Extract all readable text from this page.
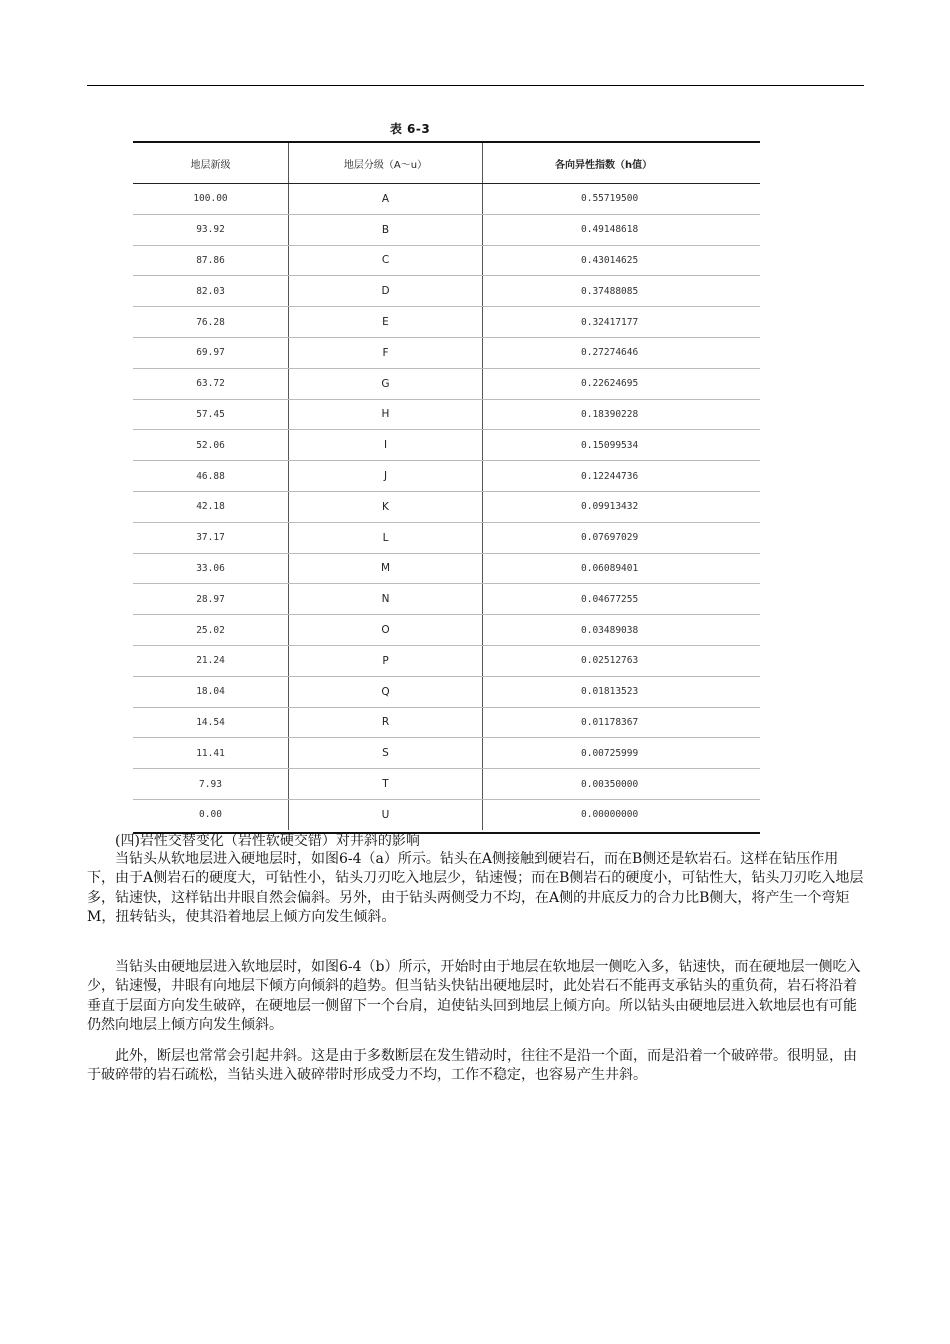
表 6-3
地层新级	地层分级（A～u）	各向异性指数（h值）
100.00	A	0.55719500
93.92	B	0.49148618
87.86	C	0.43014625
82.03	D	0.37488085
76.28	E	0.32417177
69.97	F	0.27274646
63.72	G	0.22624695
57.45	H	0.18390228
52.06	I	0.15099534
46.88	J	0.12244736
42.18	K	0.09913432
37.17	L	0.07697029
33.06	M	0.06089401
28.97	N	0.04677255
25.02	O	0.03489038
21.24	P	0.02512763
18.04	Q	0.01813523
14.54	R	0.01178367
11.41	S	0.00725999
7.93	T	0.00350000
0.00	U	0.00000000
(四)岩性交替变化（岩性软硬交错）对井斜的影响

当钻头从软地层进入硬地层时，如图6-4（a）所示。钻头在A侧接触到硬岩石，而在B侧还是软岩石。这样在钻压作用下，由于A侧岩石的硬度大，可钻性小，钻头刀刃吃入地层少，钻速慢；而在B侧岩石的硬度小，可钻性大，钻头刀刃吃入地层多，钻速快，这样钻出井眼自然会偏斜。另外，由于钻头两侧受力不均，在A侧的井底反力的合力比B侧大，将产生一个弯矩M，扭转钻头，使其沿着地层上倾方向发生倾斜。

当钻头由硬地层进入软地层时，如图6-4（b）所示，开始时由于地层在软地层一侧吃入多，钻速快，而在硬地层一侧吃入少，钻速慢，井眼有向地层下倾方向倾斜的趋势。但当钻头快钻出硬地层时，此处岩石不能再支承钻头的重负荷，岩石将沿着垂直于层面方向发生破碎，在硬地层一侧留下一个台肩，迫使钻头回到地层上倾方向。所以钻头由硬地层进入软地层也有可能仍然向地层上倾方向发生倾斜。

此外，断层也常常会引起井斜。这是由于多数断层在发生错动时，往往不是沿一个面，而是沿着一个破碎带。很明显，由于破碎带的岩石疏松，当钻头进入破碎带时形成受力不均，工作不稳定，也容易产生井斜。
